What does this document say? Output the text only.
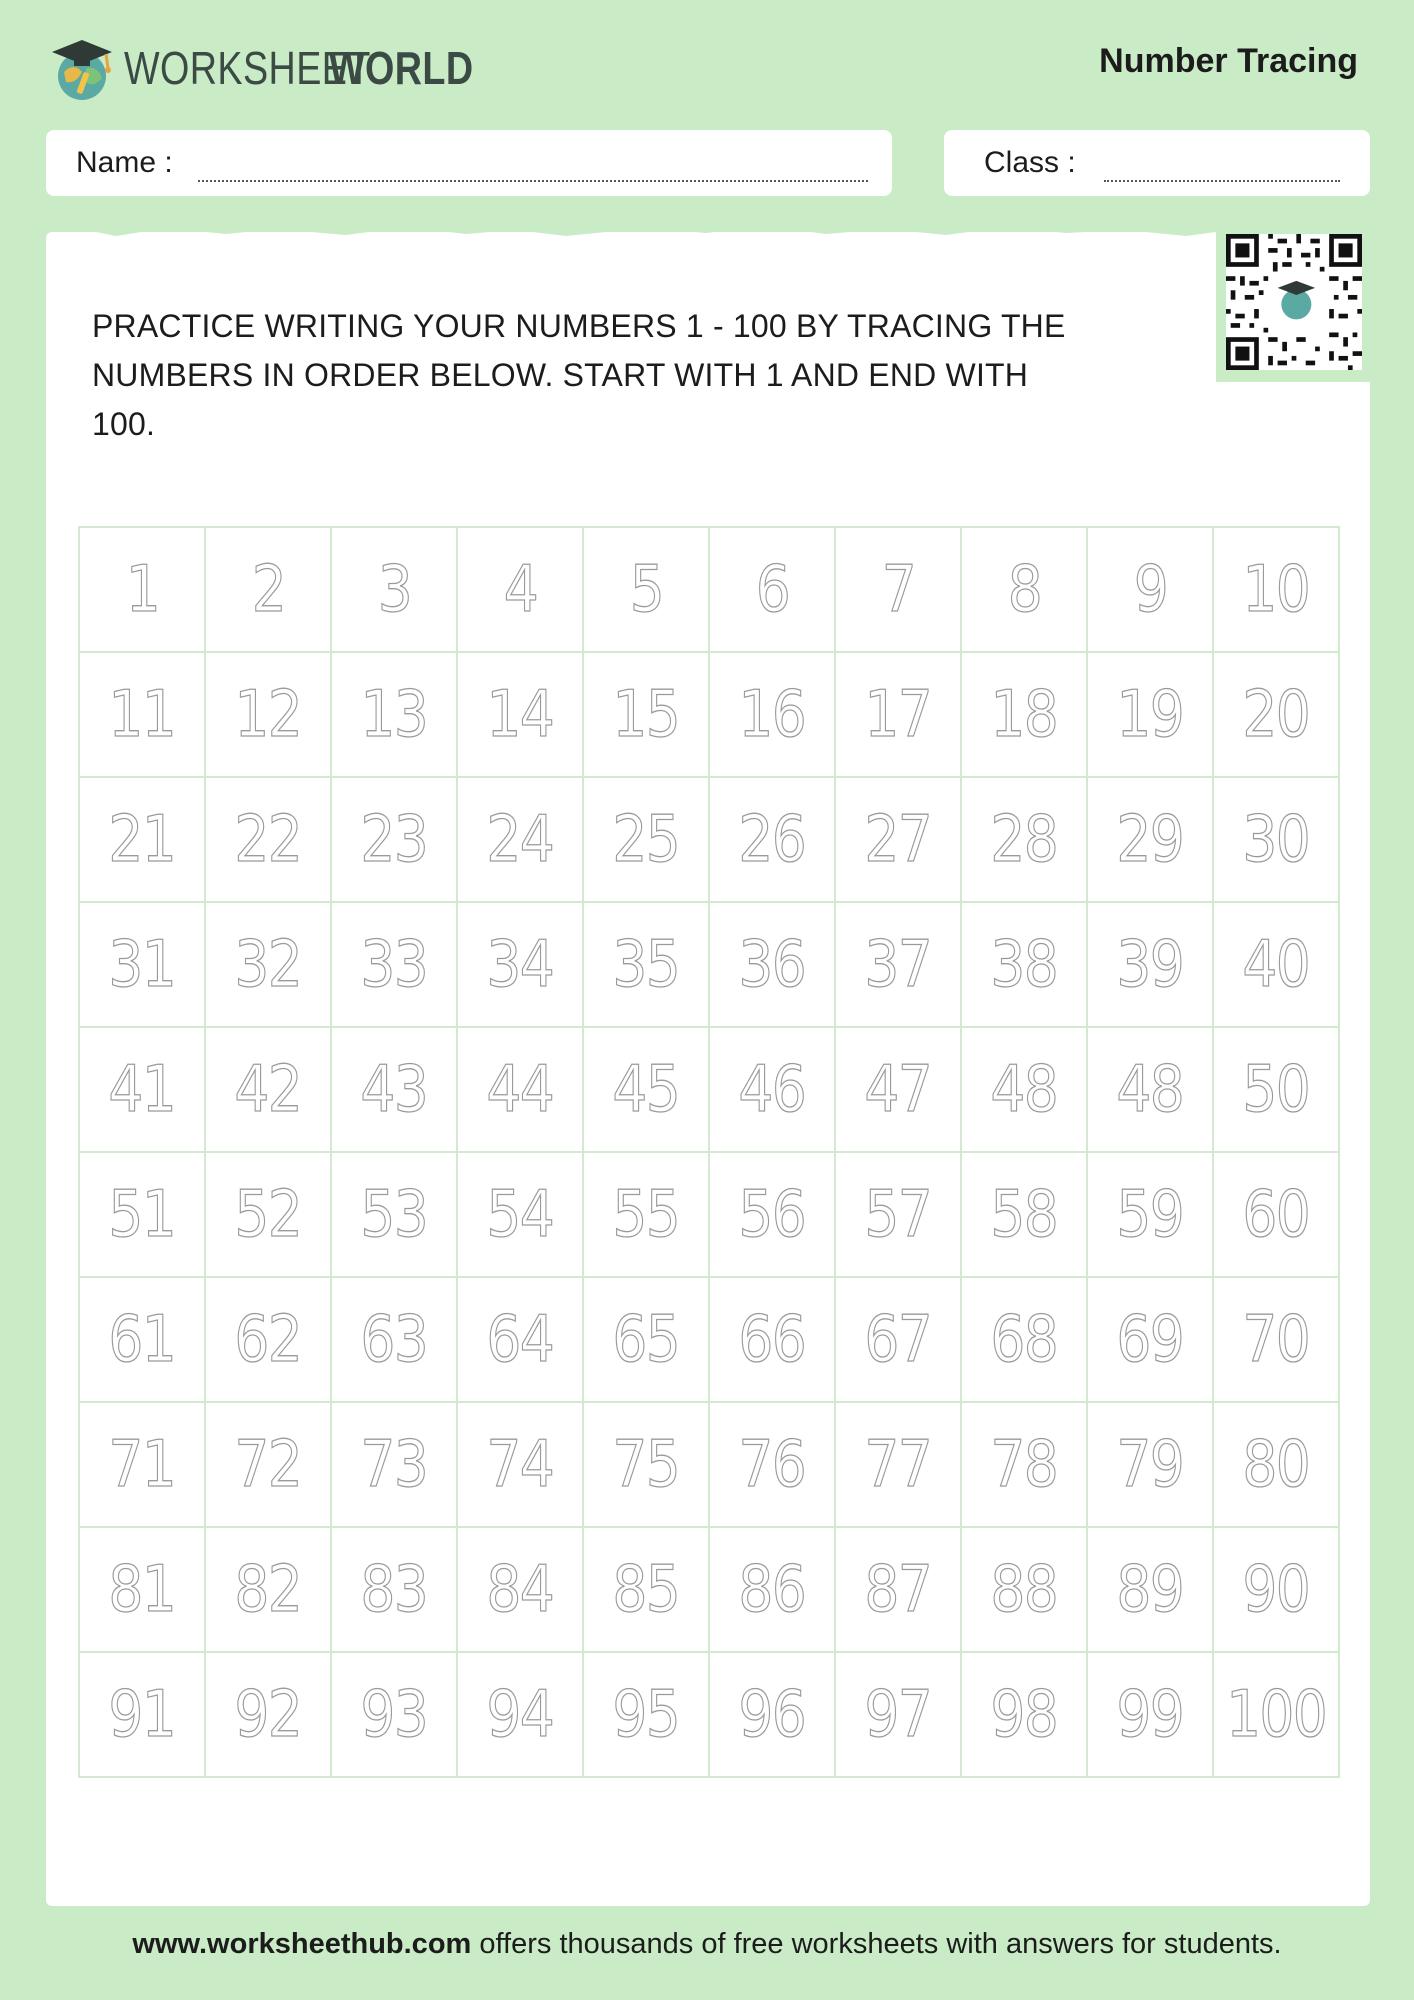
WORKSHEET
WORLD	Number Tracing
Name :	Class :
PRACTICE WRITING YOUR NUMBERS 1 - 100 BY TRACING THE NUMBERS IN ORDER BELOW. START WITH 1 AND END WITH 100.
1 2 3 4 5 6 7 8 9 10
11 12 13 14 15 16 17 18 19 20
21 22 23 24 25 26 27 28 29 30
31 32 33 34 35 36 37 38 39 40
41 42 43 44 45 46 47 48 48 50
51 52 53 54 55 56 57 58 59 60
61 62 63 64 65 66 67 68 69 70
71 72 73 74 75 76 77 78 79 80
81 82 83 84 85 86 87 88 89 90
91 92 93 94 95 96 97 98 99 100
www.worksheethub.com offers thousands of free worksheets with answers for students.
